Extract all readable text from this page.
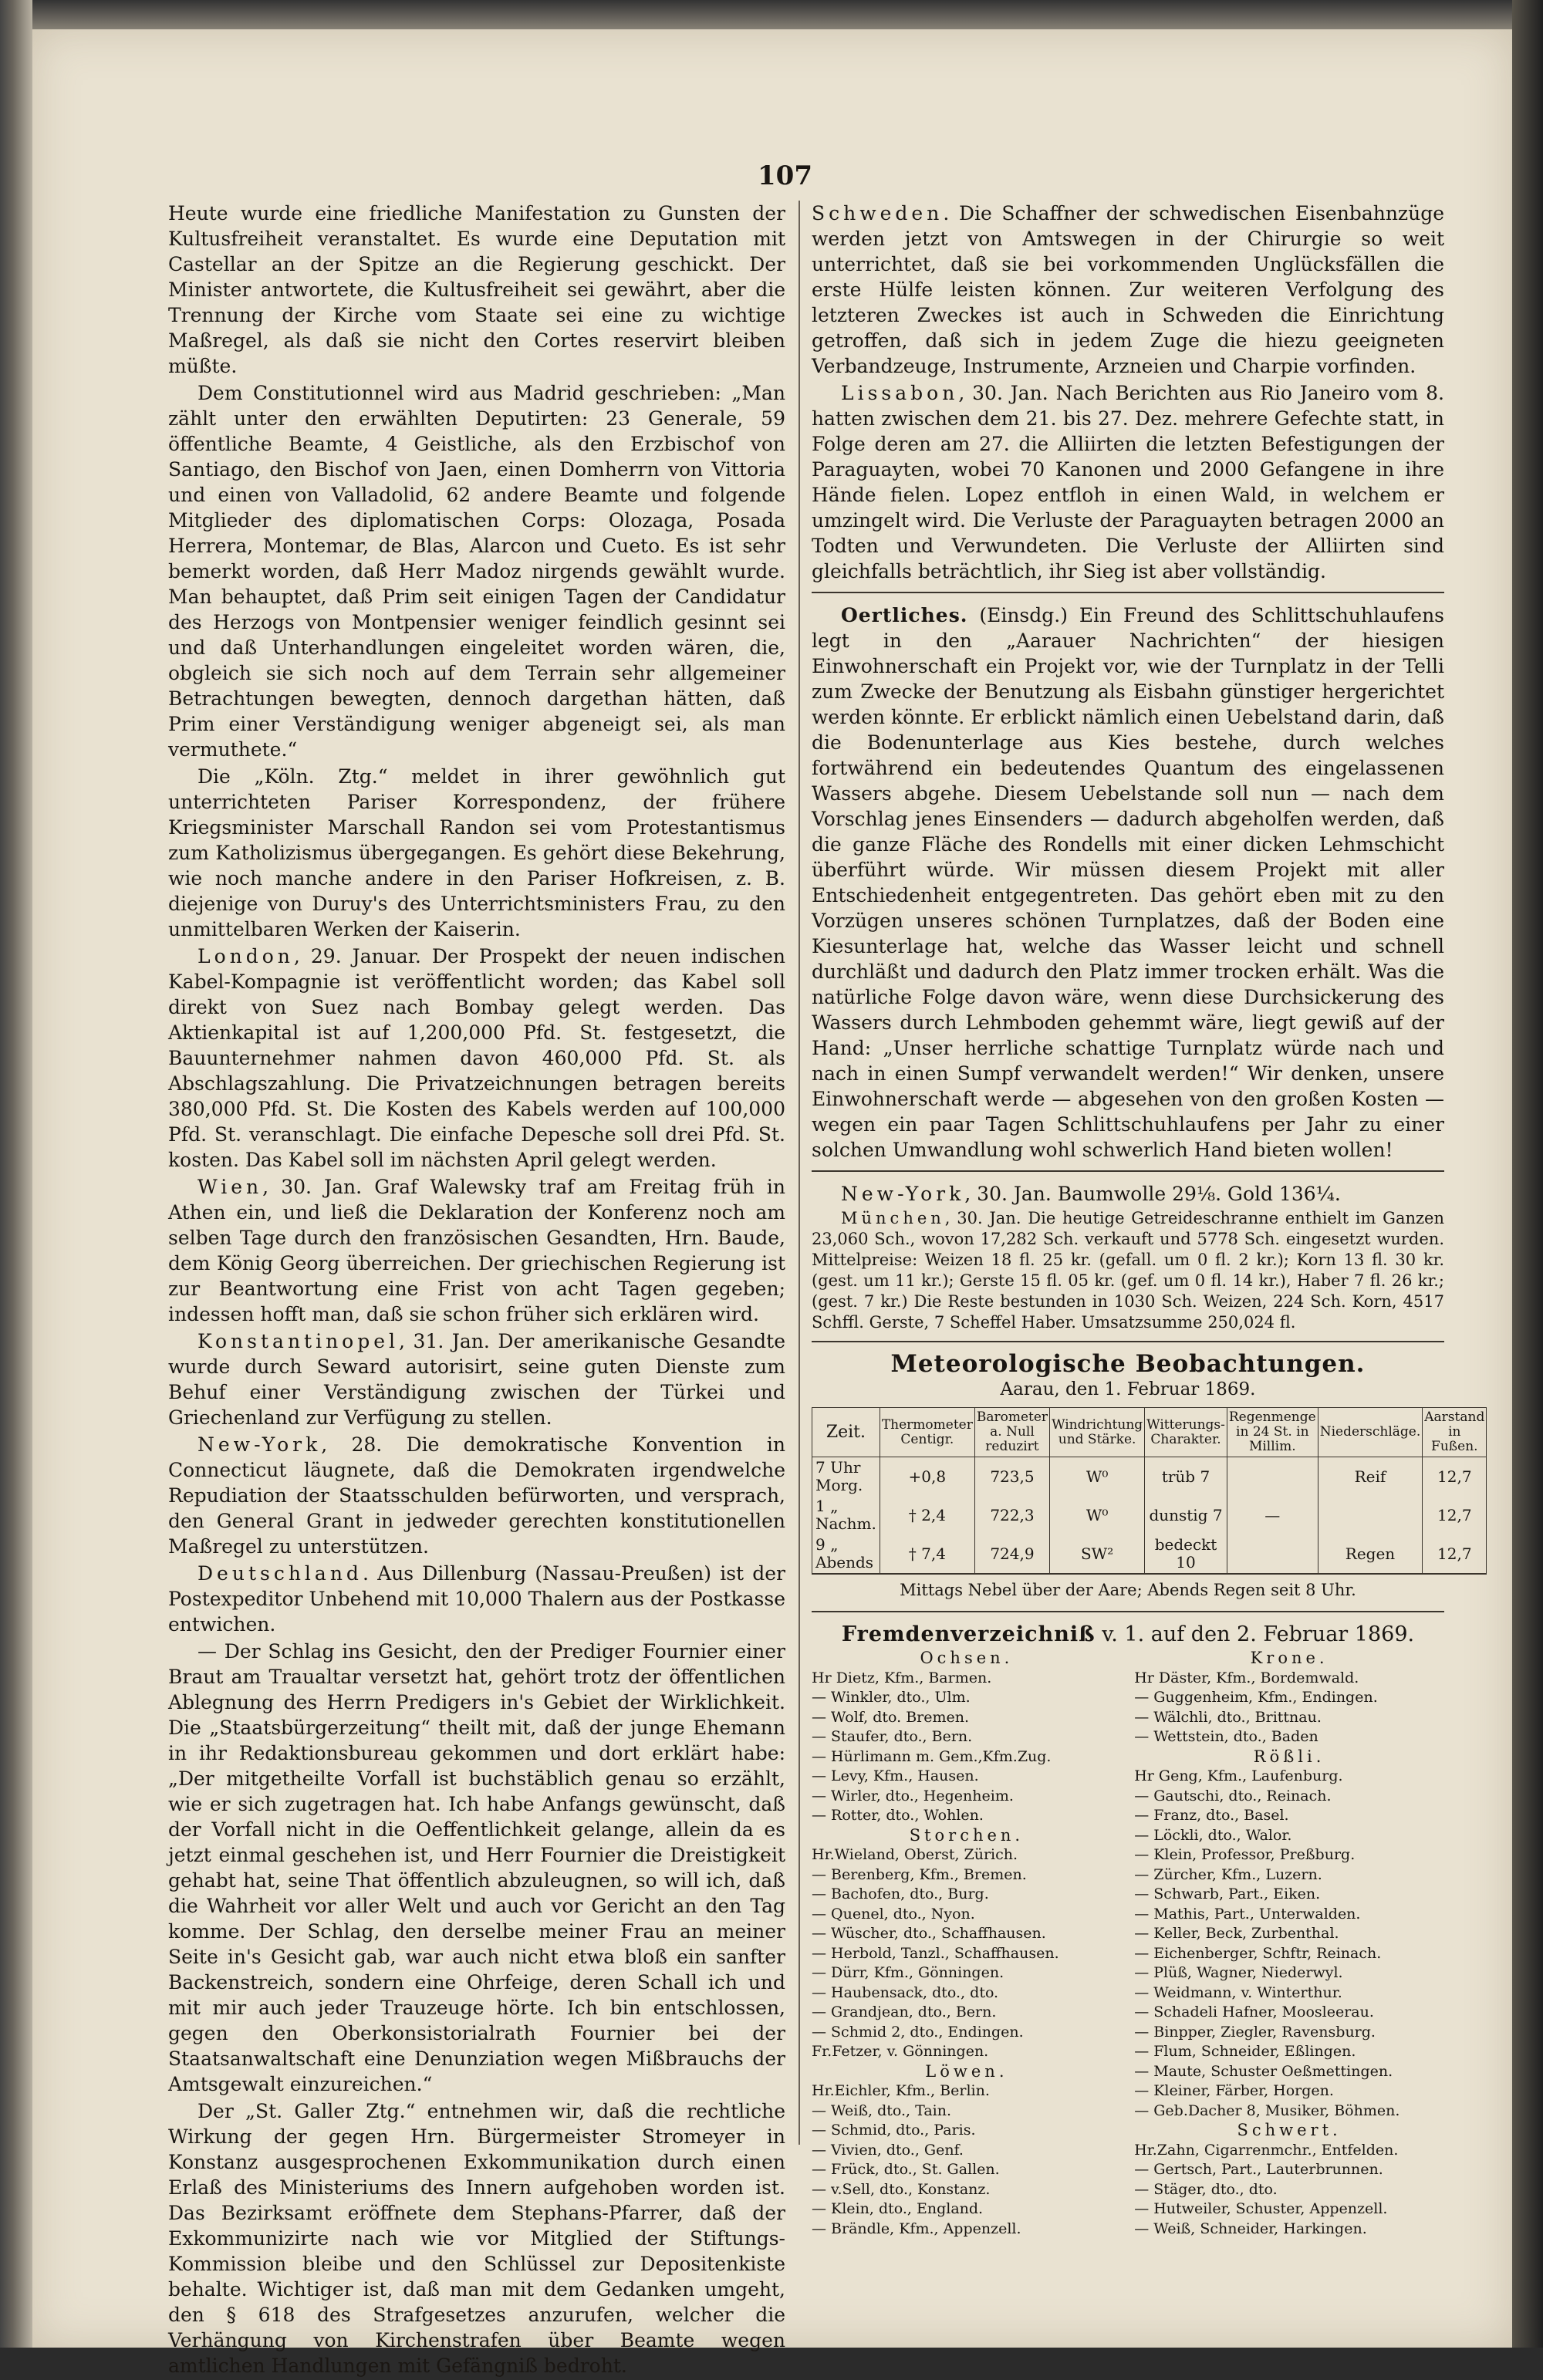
107

Heute wurde eine friedliche Manifestation zu Gunsten der Kultusfreiheit veranstaltet. Es wurde eine Deputation mit Castellar an der Spitze an die Regierung geschickt. Der Minister antwortete, die Kultusfreiheit sei gewährt, aber die Trennung der Kirche vom Staate sei eine zu wichtige Maßregel, als daß sie nicht den Cortes reservirt bleiben müßte.

Dem Constitutionnel wird aus Madrid geschrieben: „Man zählt unter den erwählten Deputirten: 23 Generale, 59 öffentliche Beamte, 4 Geistliche, als den Erzbischof von Santiago, den Bischof von Jaen, einen Domherrn von Vittoria und einen von Valladolid, 62 andere Beamte und folgende Mitglieder des diplomatischen Corps: Olozaga, Posada Herrera, Montemar, de Blas, Alarcon und Cueto. Es ist sehr bemerkt worden, daß Herr Madoz nirgends gewählt wurde. Man behauptet, daß Prim seit einigen Tagen der Candidatur des Herzogs von Montpensier weniger feindlich gesinnt sei und daß Unterhandlungen eingeleitet worden wären, die, obgleich sie sich noch auf dem Terrain sehr allgemeiner Betrachtungen bewegten, dennoch dargethan hätten, daß Prim einer Verständigung weniger abgeneigt sei, als man vermuthete.“

Die „Köln. Ztg.“ meldet in ihrer gewöhnlich gut unterrichteten Pariser Korrespondenz, der frühere Kriegsminister Marschall Randon sei vom Protestantismus zum Katholizismus übergegangen. Es gehört diese Bekehrung, wie noch manche andere in den Pariser Hofkreisen, z. B. diejenige von Duruy's des Unterrichtsministers Frau, zu den unmittelbaren Werken der Kaiserin.

London, 29. Januar. Der Prospekt der neuen indischen Kabel-Kompagnie ist veröffentlicht worden; das Kabel soll direkt von Suez nach Bombay gelegt werden. Das Aktienkapital ist auf 1,200,000 Pfd. St. festgesetzt, die Bauunternehmer nahmen davon 460,000 Pfd. St. als Abschlagszahlung. Die Privatzeichnungen betragen bereits 380,000 Pfd. St. Die Kosten des Kabels werden auf 100,000 Pfd. St. veranschlagt. Die einfache Depesche soll drei Pfd. St. kosten. Das Kabel soll im nächsten April gelegt werden.

Wien, 30. Jan. Graf Walewsky traf am Freitag früh in Athen ein, und ließ die Deklaration der Konferenz noch am selben Tage durch den französischen Gesandten, Hrn. Baude, dem König Georg überreichen. Der griechischen Regierung ist zur Beantwortung eine Frist von acht Tagen gegeben; indessen hofft man, daß sie schon früher sich erklären wird.

Konstantinopel, 31. Jan. Der amerikanische Gesandte wurde durch Seward autorisirt, seine guten Dienste zum Behuf einer Verständigung zwischen der Türkei und Griechenland zur Verfügung zu stellen.

New-York, 28. Die demokratische Konvention in Connecticut läugnete, daß die Demokraten irgendwelche Repudiation der Staatsschulden befürworten, und versprach, den General Grant in jedweder gerechten konstitutionellen Maßregel zu unterstützen.

Deutschland. Aus Dillenburg (Nassau-Preußen) ist der Postexpeditor Unbehend mit 10,000 Thalern aus der Postkasse entwichen.

— Der Schlag ins Gesicht, den der Prediger Fournier einer Braut am Traualtar versetzt hat, gehört trotz der öffentlichen Ablegnung des Herrn Predigers in's Gebiet der Wirklichkeit. Die „Staatsbürgerzeitung“ theilt mit, daß der junge Ehemann in ihr Redaktionsbureau gekommen und dort erklärt habe: „Der mitgetheilte Vorfall ist buchstäblich genau so erzählt, wie er sich zugetragen hat. Ich habe Anfangs gewünscht, daß der Vorfall nicht in die Oeffentlichkeit gelange, allein da es jetzt einmal geschehen ist, und Herr Fournier die Dreistigkeit gehabt hat, seine That öffentlich abzuleugnen, so will ich, daß die Wahrheit vor aller Welt und auch vor Gericht an den Tag komme. Der Schlag, den derselbe meiner Frau an meiner Seite in's Gesicht gab, war auch nicht etwa bloß ein sanfter Backenstreich, sondern eine Ohrfeige, deren Schall ich und mit mir auch jeder Trauzeuge hörte. Ich bin entschlossen, gegen den Oberkonsistorialrath Fournier bei der Staatsanwaltschaft eine Denunziation wegen Mißbrauchs der Amtsgewalt einzureichen.“

Der „St. Galler Ztg.“ entnehmen wir, daß die rechtliche Wirkung der gegen Hrn. Bürgermeister Stromeyer in Konstanz ausgesprochenen Exkommunikation durch einen Erlaß des Ministeriums des Innern aufgehoben worden ist. Das Bezirksamt eröffnete dem Stephans-Pfarrer, daß der Exkommunizirte nach wie vor Mitglied der Stiftungs-Kommission bleibe und den Schlüssel zur Depositenkiste behalte. Wichtiger ist, daß man mit dem Gedanken umgeht, den § 618 des Strafgesetzes anzurufen, welcher die Verhängung von Kirchenstrafen über Beamte wegen amtlichen Handlungen mit Gefängniß bedroht.

Schweden. Die Schaffner der schwedischen Eisenbahnzüge werden jetzt von Amtswegen in der Chirurgie so weit unterrichtet, daß sie bei vorkommenden Unglücksfällen die erste Hülfe leisten können. Zur weiteren Verfolgung des letzteren Zweckes ist auch in Schweden die Einrichtung getroffen, daß sich in jedem Zuge die hiezu geeigneten Verbandzeuge, Instrumente, Arzneien und Charpie vorfinden.

Lissabon, 30. Jan. Nach Berichten aus Rio Janeiro vom 8. hatten zwischen dem 21. bis 27. Dez. mehrere Gefechte statt, in Folge deren am 27. die Alliirten die letzten Befestigungen der Paraguayten, wobei 70 Kanonen und 2000 Gefangene in ihre Hände fielen. Lopez entfloh in einen Wald, in welchem er umzingelt wird. Die Verluste der Paraguayten betragen 2000 an Todten und Verwundeten. Die Verluste der Alliirten sind gleichfalls beträchtlich, ihr Sieg ist aber vollständig.

Oertliches. (Einsdg.) Ein Freund des Schlittschuhlaufens legt in den „Aarauer Nachrichten“ der hiesigen Einwohnerschaft ein Projekt vor, wie der Turnplatz in der Telli zum Zwecke der Benutzung als Eisbahn günstiger hergerichtet werden könnte. Er erblickt nämlich einen Uebelstand darin, daß die Bodenunterlage aus Kies bestehe, durch welches fortwährend ein bedeutendes Quantum des eingelassenen Wassers abgehe. Diesem Uebelstande soll nun — nach dem Vorschlag jenes Einsenders — dadurch abgeholfen werden, daß die ganze Fläche des Rondells mit einer dicken Lehmschicht überführt würde. Wir müssen diesem Projekt mit aller Entschiedenheit entgegentreten. Das gehört eben mit zu den Vorzügen unseres schönen Turnplatzes, daß der Boden eine Kiesunterlage hat, welche das Wasser leicht und schnell durchläßt und dadurch den Platz immer trocken erhält. Was die natürliche Folge davon wäre, wenn diese Durchsickerung des Wassers durch Lehmboden gehemmt wäre, liegt gewiß auf der Hand: „Unser herrliche schattige Turnplatz würde nach und nach in einen Sumpf verwandelt werden!“ Wir denken, unsere Einwohnerschaft werde — abgesehen von den großen Kosten — wegen ein paar Tagen Schlittschuhlaufens per Jahr zu einer solchen Umwandlung wohl schwerlich Hand bieten wollen!

New-York, 30. Jan. Baumwolle 29⅛. Gold 136¼.

München, 30. Jan. Die heutige Getreideschranne enthielt im Ganzen 23,060 Sch., wovon 17,282 Sch. verkauft und 5778 Sch. eingesetzt wurden. Mittelpreise: Weizen 18 fl. 25 kr. (gefall. um 0 fl. 2 kr.); Korn 13 fl. 30 kr. (gest. um 11 kr.); Gerste 15 fl. 05 kr. (gef. um 0 fl. 14 kr.), Haber 7 fl. 26 kr.; (gest. 7 kr.) Die Reste bestunden in 1030 Sch. Weizen, 224 Sch. Korn, 4517 Schffl. Gerste, 7 Scheffel Haber. Umsatzsumme 250,024 fl.

Meteorologische Beobachtungen.
Aarau, den 1. Februar 1869.
Zeit.	Thermometer Centigr.	Barometer a. Null reduzirt	Windrichtung und Stärke.	Witterungs-Charakter.	Regenmenge in 24 St. in Millim.	Niederschläge.	Aarstand in Fußen.
7 Uhr Morg.	+0,8	723,5	W⁰	trüb 7		Reif	12,7
1 „ Nachm.	† 2,4	722,3	W⁰	dunstig 7	—		12,7
9 „ Abends	† 7,4	724,9	SW²	bedeckt 10		Regen	12,7
Mittags Nebel über der Aare; Abends Regen seit 8 Uhr.
Fremdenverzeichniß v. 1. auf den 2. Februar 1869.
Ochsen.
Hr Dietz, Kfm., Barmen.
— Winkler, dto., Ulm.
— Wolf, dto. Bremen.
— Staufer, dto., Bern.
— Hürlimann m. Gem.,Kfm.Zug.
— Levy, Kfm., Hausen.
— Wirler, dto., Hegenheim.
— Rotter, dto., Wohlen.
Storchen.
Hr.Wieland, Oberst, Zürich.
— Berenberg, Kfm., Bremen.
— Bachofen, dto., Burg.
— Quenel, dto., Nyon.
— Wüscher, dto., Schaffhausen.
— Herbold, Tanzl., Schaffhausen.
— Dürr, Kfm., Gönningen.
— Haubensack, dto., dto.
— Grandjean, dto., Bern.
— Schmid 2, dto., Endingen.
Fr.Fetzer, v. Gönningen.
Löwen.
Hr.Eichler, Kfm., Berlin.
— Weiß, dto., Tain.
— Schmid, dto., Paris.
— Vivien, dto., Genf.
— Frück, dto., St. Gallen.
— v.Sell, dto., Konstanz.
— Klein, dto., England.
— Brändle, Kfm., Appenzell.
Krone.
Hr Däster, Kfm., Bordemwald.
— Guggenheim, Kfm., Endingen.
— Wälchli, dto., Brittnau.
— Wettstein, dto., Baden
Rößli.
Hr Geng, Kfm., Laufenburg.
— Gautschi, dto., Reinach.
— Franz, dto., Basel.
— Löckli, dto., Walor.
— Klein, Professor, Preßburg.
— Zürcher, Kfm., Luzern.
— Schwarb, Part., Eiken.
— Mathis, Part., Unterwalden.
— Keller, Beck, Zurbenthal.
— Eichenberger, Schftr, Reinach.
— Plüß, Wagner, Niederwyl.
— Weidmann, v. Winterthur.
— Schadeli Hafner, Moosleerau.
— Binpper, Ziegler, Ravensburg.
— Flum, Schneider, Eßlingen.
— Maute, Schuster Oeßmettingen.
— Kleiner, Färber, Horgen.
— Geb.Dacher 8, Musiker, Böhmen.
Schwert.
Hr.Zahn, Cigarrenmchr., Entfelden.
— Gertsch, Part., Lauterbrunnen.
— Stäger, dto., dto.
— Hutweiler, Schuster, Appenzell.
— Weiß, Schneider, Harkingen.
